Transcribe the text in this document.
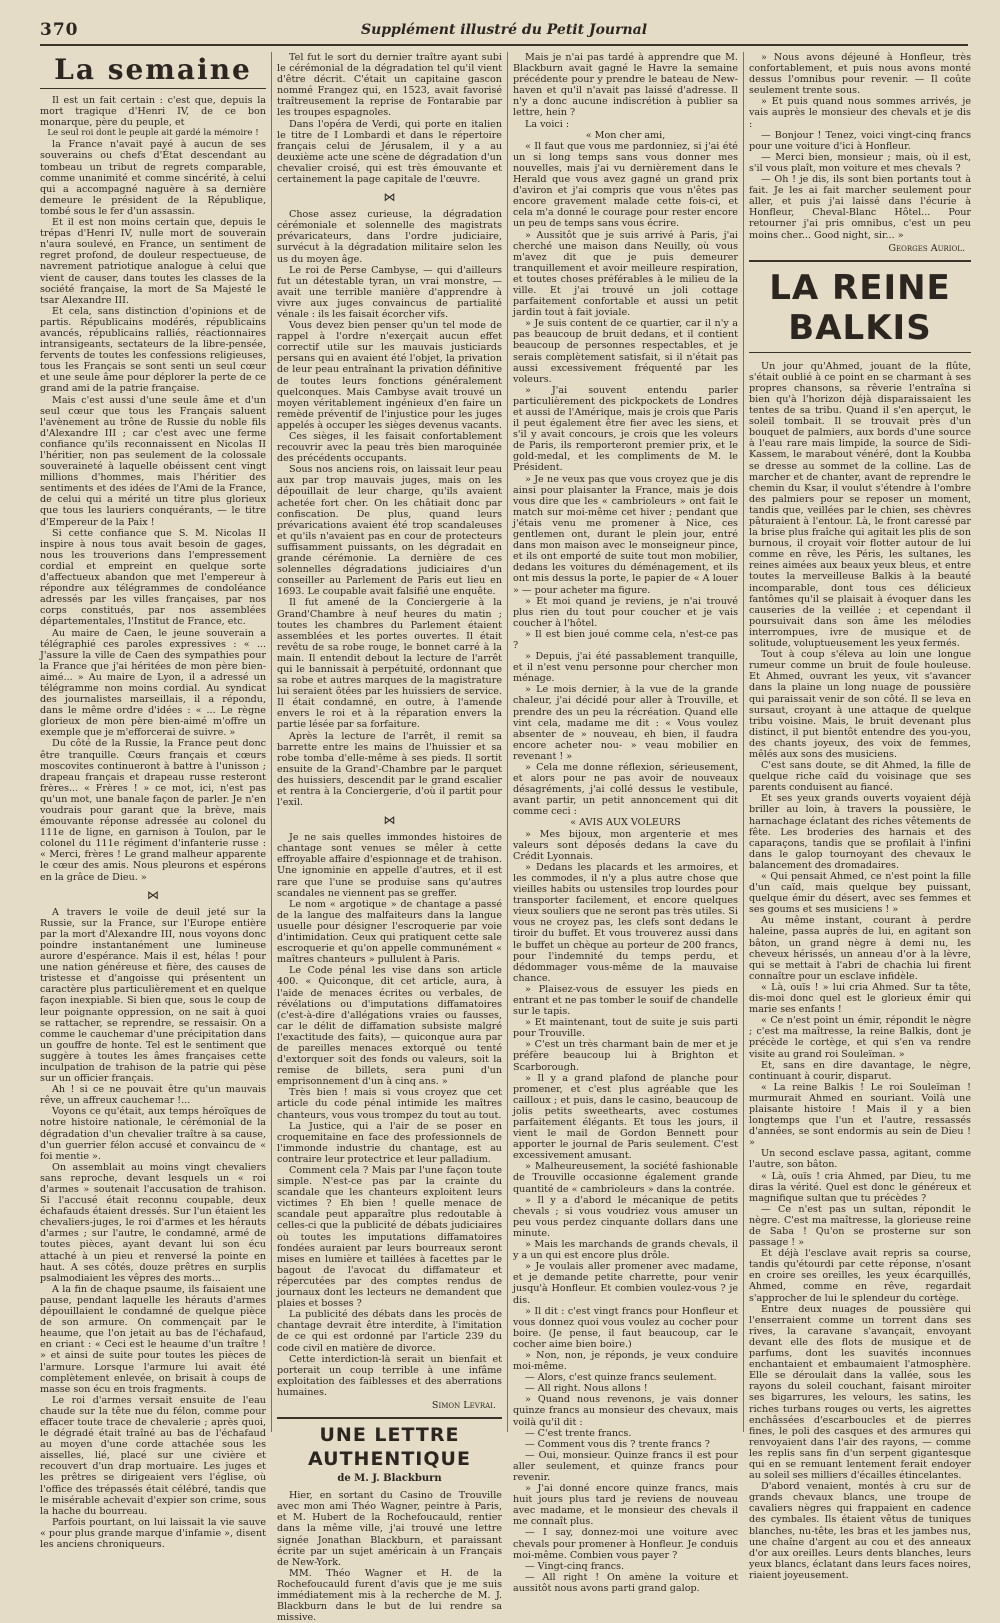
370	Supplément illustré du Petit Journal
La semaine

Il est un fait certain : c'est que, depuis la mort tragique d'Henri IV, de ce bon monarque, père du peuple, et

Le seul roi dont le peuple ait gardé la mémoire !

la France n'avait payé à aucun de ses souverains ou chefs d'État descendant au tombeau un tribut de regrets comparable, comme unanimité et comme sincérité, à celui qui a accompagné naguère à sa dernière demeure le président de la République, tombé sous le fer d'un assassin.

Et il est non moins certain que, depuis le trépas d'Henri IV, nulle mort de souverain n'aura soulevé, en France, un sentiment de regret profond, de douleur respectueuse, de navrement patriotique analogue à celui que vient de causer, dans toutes les classes de la société française, la mort de Sa Majesté le tsar Alexandre III.

Et cela, sans distinction d'opinions et de partis. Républicains modérés, républicains avancés, républicains ralliés, réactionnaires intransigeants, sectateurs de la libre-pensée, fervents de toutes les confessions religieuses, tous les Français se sont senti un seul cœur et une seule âme pour déplorer la perte de ce grand ami de la patrie française.

Mais c'est aussi d'une seule âme et d'un seul cœur que tous les Français saluent l'avènement au trône de Russie du noble fils d'Alexandre III ; car c'est avec une ferme confiance qu'ils reconnaissent en Nicolas II l'héritier, non pas seulement de la colossale souveraineté à laquelle obéissent cent vingt millions d'hommes, mais l'héritier des sentiments et des idées de l'Ami de la France, de celui qui a mérité un titre plus glorieux que tous les lauriers conquérants, — le titre d'Empereur de la Paix !

Si cette confiance que S. M. Nicolas II inspire à nous tous avait besoin de gages, nous les trouverions dans l'empressement cordial et empreint en quelque sorte d'affectueux abandon que met l'empereur à répondre aux télégrammes de condoléance adressés par les villes françaises, par nos corps constitués, par nos assemblées départementales, l'Institut de France, etc.

Au maire de Caen, le jeune souverain a télégraphié ces paroles expressives : « ... J'assure la ville de Caen des sympathies pour la France que j'ai héritées de mon père bien-aimé... » Au maire de Lyon, il a adressé un télégramme non moins cordial. Au syndicat des journalistes marseillais, il a répondu, dans le même ordre d'idées : « ... Le règne glorieux de mon père bien-aimé m'offre un exemple que je m'efforcerai de suivre. »

Du côté de la Russie, la France peut donc être tranquille. Cœurs français et cœurs moscovites continueront à battre à l'unisson ; drapeau français et drapeau russe resteront frères... « Frères ! » ce mot, ici, n'est pas qu'un mot, une banale façon de parler. Je n'en voudrais pour garant que la brève, mais émouvante réponse adressée au colonel du 111e de ligne, en garnison à Toulon, par le colonel du 111e régiment d'infanterie russe : « Merci, frères ! Le grand malheur apparente le cœur des amis. Nous pleurons et espérons en la grâce de Dieu. »

⋈

A travers le voile de deuil jeté sur la Russie, sur la France, sur l'Europe entière par la mort d'Alexandre III, nous voyons donc poindre instantanément une lumineuse aurore d'espérance. Mais il est, hélas ! pour une nation généreuse et fière, des causes de tristesse et d'angoisse qui présentent un caractère plus particulièrement et en quelque façon inexpiable. Si bien que, sous le coup de leur poignante oppression, on ne sait à quoi se rattacher, se reprendre, se ressaisir. On a comme le cauchemar d'une précipitation dans un gouffre de honte. Tel est le sentiment que suggère à toutes les âmes françaises cette inculpation de trahison de la patrie qui pèse sur un officier français.

Ah ! si ce ne pouvait être qu'un mauvais rêve, un affreux cauchemar !...

Voyons ce qu'était, aux temps héroïques de notre histoire nationale, le cérémonial de la dégradation d'un chevalier traître à sa cause, d'un guerrier félon accusé et convaincu de « foi mentie ».

On assemblait au moins vingt chevaliers sans reproche, devant lesquels un « roi d'armes » soutenait l'accusation de trahison. Si l'accusé était reconnu coupable, deux échafauds étaient dressés. Sur l'un étaient les chevaliers-juges, le roi d'armes et les hérauts d'armes ; sur l'autre, le condamné, armé de toutes pièces, ayant devant lui son écu attaché à un pieu et renversé la pointe en haut. A ses côtés, douze prêtres en surplis psalmodiaient les vêpres des morts...

A la fin de chaque psaume, ils faisaient une pause, pendant laquelle les hérauts d'armes dépouillaient le condamné de quelque pièce de son armure. On commençait par le heaume, que l'on jetait au bas de l'échafaud, en criant : « Ceci est le heaume d'un traître ! » et ainsi de suite pour toutes les pièces de l'armure. Lorsque l'armure lui avait été complètement enlevée, on brisait à coups de masse son écu en trois fragments.

Le roi d'armes versait ensuite de l'eau chaude sur la tête nue du félon, comme pour effacer toute trace de chevalerie ; après quoi, le dégradé était traîné au bas de l'échafaud au moyen d'une corde attachée sous les aisselles, lié, placé sur une civière et recouvert d'un drap mortuaire. Les juges et les prêtres se dirigeaient vers l'église, où l'office des trépassés était célébré, tandis que le misérable achevait d'expier son crime, sous la hache du bourreau.

Parfois pourtant, on lui laissait la vie sauve « pour plus grande marque d'infamie », disent les anciens chroniqueurs.

Tel fut le sort du dernier traître ayant subi le cérémonial de la dégradation tel qu'il vient d'être décrit. C'était un capitaine gascon nommé Frangez qui, en 1523, avait favorisé traîtreusement la reprise de Fontarabie par les troupes espagnoles.

Dans l'opéra de Verdi, qui porte en italien le titre de I Lombardi et dans le répertoire français celui de Jérusalem, il y a au deuxième acte une scène de dégradation d'un chevalier croisé, qui est très émouvante et certainement la page capitale de l'œuvre.

⋈

Chose assez curieuse, la dégradation cérémoniale et solennelle des magistrats prévaricateurs, dans l'ordre judiciaire, survécut à la dégradation militaire selon les us du moyen âge.

Le roi de Perse Cambyse, — qui d'ailleurs fut un détestable tyran, un vrai monstre, — avait une terrible manière d'apprendre à vivre aux juges convaincus de partialité vénale : ils les faisait écorcher vifs.

Vous devez bien penser qu'un tel mode de rappel à l'ordre n'exerçait aucun effet correctif utile sur les mauvais justiciards persans qui en avaient été l'objet, la privation de leur peau entraînant la privation définitive de toutes leurs fonctions généralement quelconques. Mais Cambyse avait trouvé un moyen véritablement ingénieux d'en faire un remède préventif de l'injustice pour les juges appelés à occuper les sièges devenus vacants.

Ces sièges, il les faisait confortablement recouvrir avec la peau très bien maroquinée des précédents occupants.

Sous nos anciens rois, on laissait leur peau aux par trop mauvais juges, mais on les dépouillait de leur charge, qu'ils avaient achetée fort cher. On les châtiait donc par confiscation. De plus, quand leurs prévarications avaient été trop scandaleuses et qu'ils n'avaient pas en cour de protecteurs suffisamment puissants, on les dégradait en grande cérémonie. La dernière de ces solennelles dégradations judiciaires d'un conseiller au Parlement de Paris eut lieu en 1693. Le coupable avait falsifié une enquête.

Il fut amené de la Conciergerie à la Grand'Chambre à neuf heures du matin ; toutes les chambres du Parlement étaient assemblées et les portes ouvertes. Il était revêtu de sa robe rouge, le bonnet carré à la main. Il entendit debout la lecture de l'arrêt qui le bannissait à perpétuité, ordonnant que sa robe et autres marques de la magistrature lui seraient ôtées par les huissiers de service. Il était condamné, en outre, à l'amende envers le roi et à la réparation envers la partie lésée par sa forfaiture.

Après la lecture de l'arrêt, il remit sa barrette entre les mains de l'huissier et sa robe tomba d'elle-même à ses pieds. Il sortit ensuite de la Grand'-Chambre par le parquet des huissiers, descendit par le grand escalier et rentra à la Conciergerie, d'où il partit pour l'exil.

⋈

Je ne sais quelles immondes histoires de chantage sont venues se mêler à cette effroyable affaire d'espionnage et de trahison. Une ignominie en appelle d'autres, et il est rare que l'une se produise sans qu'autres scandales ne viennent pas se greffer.

Le nom « argotique » de chantage a passé de la langue des malfaiteurs dans la langue usuelle pour désigner l'escroquerie par voie d'intimidation. Ceux qui pratiquent cette sale escroquerie et qu'on appelle communément « maîtres chanteurs » pullulent à Paris.

Le Code pénal les vise dans son article 400. « Quiconque, dit cet article, aura, à l'aide de menaces écrites ou verbales, de révélations ou d'imputations diffamatoires (c'est-à-dire d'allégations vraies ou fausses, car le délit de diffamation subsiste malgré l'exactitude des faits), — quiconque aura par de pareilles menaces extorqué ou tenté d'extorquer soit des fonds ou valeurs, soit la remise de billets, sera puni d'un emprisonnement d'un à cinq ans. »

Très bien ! mais si vous croyez que cet article du code pénal intimide les maîtres chanteurs, vous vous trompez du tout au tout.

La Justice, qui a l'air de se poser en croquemitaine en face des professionnels de l'immonde industrie du chantage, est au contraire leur protectrice et leur palladium.

Comment cela ? Mais par l'une façon toute simple. N'est-ce pas par la crainte du scandale que les chanteurs exploitent leurs victimes ? Eh bien ! quelle menace de scandale peut apparaître plus redoutable à celles-ci que la publicité de débats judiciaires où toutes les imputations diffamatoires fondées auraient par leurs bourreaux seront mises en lumière et taillées à facettes par le bagout de l'avocat du diffamateur et répercutées par des comptes rendus de journaux dont les lecteurs ne demandent que plaies et bosses ?

La publicité des débats dans les procès de chantage devrait être interdite, à l'imitation de ce qui est ordonné par l'article 239 du code civil en matière de divorce.

Cette interdiction-là serait un bienfait et porterait un coup terrible à une infâme exploitation des faiblesses et des aberrations humaines.

Simon Levrai.

UNE LETTRE AUTHENTIQUE
de M. J. Blackburn

Hier, en sortant du Casino de Trouville avec mon ami Théo Wagner, peintre à Paris, et M. Hubert de la Rochefoucauld, rentier dans la même ville, j'ai trouvé une lettre signée Jonathan Blackburn, et paraissant écrite par un sujet américain à un Français de New-York.

MM. Théo Wagner et H. de la Rochefoucauld furent d'avis que je me suis immédiatement mis à la recherche de M. J. Blackburn dans le but de lui rendre sa missive.

Mais je n'ai pas tardé à apprendre que M. Blackburn avait gagné le Havre la semaine précédente pour y prendre le bateau de New-haven et qu'il n'avait pas laissé d'adresse. Il n'y a donc aucune indiscrétion à publier sa lettre, hein ?

La voici :

« Mon cher ami,

« Il faut que vous me pardonniez, si j'ai été un si long temps sans vous donner mes nouvelles, mais j'ai vu dernièrement dans le Herald que vous avez gagné un grand prix d'aviron et j'ai compris que vous n'êtes pas encore gravement malade cette fois-ci, et cela m'a donné le courage pour rester encore un peu de temps sans vous écrire.

» Aussitôt que je suis arrivé à Paris, j'ai cherché une maison dans Neuilly, où vous m'avez dit que je puis demeurer tranquillement et avoir meilleure respiration, et toutes choses préférables à le milieu de la ville. Et j'ai trouvé un joli cottage parfaitement confortable et aussi un petit jardin tout à fait joviale.

» Je suis content de ce quartier, car il n'y a pas beaucoup de bruit dedans, et il contient beaucoup de personnes respectables, et je serais complètement satisfait, si il n'était pas aussi excessivement fréquenté par les voleurs.

» J'ai souvent entendu parler particulièrement des pickpockets de Londres et aussi de l'Amérique, mais je crois que Paris il peut également être fier avec les siens, et s'il y avait concours, je crois que les voleurs de Paris, ils remporteront premier prix, et le gold-medal, et les compliments de M. le Président.

» Je ne veux pas que vous croyez que je dis ainsi pour plaisanter la France, mais je dois vous dire que les « cambrioleurs » ont fait le match sur moi-même cet hiver ; pendant que j'étais venu me promener à Nice, ces gentlemen ont, durant le plein jour, entré dans mon maison avec le monseigneur pince, et ils ont emporté de suite tout mon mobilier, dedans les voitures du déménagement, et ils ont mis dessus la porte, le papier de « A louer » — pour acheter ma figure.

» Et moi quand je reviens, je n'ai trouvé plus rien du tout pour coucher et je vais coucher à l'hôtel.

» Il est bien joué comme cela, n'est-ce pas ?

» Depuis, j'ai été passablement tranquille, et il n'est venu personne pour chercher mon ménage.

» Le mois dernier, à la vue de la grande chaleur, j'ai décidé pour aller à Trouville, et prendre des un peu la récréation. Quand elle vint cela, madame me dit : « Vous voulez absenter de » nouveau, eh bien, il faudra encore acheter nou- » veau mobilier en revenant ! »

» Cela me donne réflexion, sérieusement, et alors pour ne pas avoir de nouveaux désagréments, j'ai collé dessus le vestibule, avant partir, un petit annoncement qui dit comme ceci :

« AVIS AUX VOLEURS

» Mes bijoux, mon argenterie et mes valeurs sont déposés dedans la cave du Crédit Lyonnais.

» Dedans les placards et les armoires, et les commodes, il n'y a plus autre chose que vieilles habits ou ustensiles trop lourdes pour transporter facilement, et encore quelques vieux souliers que ne seront pas très utiles. Si vous ne croyez pas, les clefs sont dedans le tiroir du buffet. Et vous trouverez aussi dans le buffet un chèque au porteur de 200 francs, pour l'indemnité du temps perdu, et dédommager vous-même de la mauvaise chance.

» Plaisez-vous de essuyer les pieds en entrant et ne pas tomber le souif de chandelle sur le tapis.

» Et maintenant, tout de suite je suis parti pour Trouville.

» C'est un très charmant bain de mer et je préfère beaucoup lui à Brighton et Scarborough.

» Il y a grand plafond de planche pour promener, et c'est plus agréable que les cailloux ; et puis, dans le casino, beaucoup de jolis petits sweethearts, avec costumes parfaitement élégants. Et tous les jours, il vient le mail de Gordon Bennett pour apporter le journal de Paris seulement. C'est excessivement amusant.

» Malheureusement, la société fashionable de Trouville occasionne également grande quantité de « cambrioleurs » dans la contrée.

» Il y a d'abord le mécanique de petits chevals ; si vous voudriez vous amuser un peu vous perdez cinquante dollars dans une minute.

» Mais les marchands de grands chevals, il y a un qui est encore plus drôle.

» Je voulais aller promener avec madame, et je demande petite charrette, pour venir jusqu'à Honfleur. Et combien voulez-vous ? je dis.

» Il dit : c'est vingt francs pour Honfleur et vous donnez quoi vous voulez au cocher pour boire. (Je pense, il faut beaucoup, car le cocher aime bien boire.)

» Non, non, je réponds, je veux conduire moi-même.

— Alors, c'est quinze francs seulement.

— All right. Nous allons !

» Quand nous revenons, je vais donner quinze francs au monsieur des chevaux, mais voilà qu'il dit :

— C'est trente francs.

— Comment vous dis ? trente francs ?

— Oui, monsieur. Quinze francs il est pour aller seulement, et quinze francs pour revenir.

» J'ai donné encore quinze francs, mais huit jours plus tard je reviens de nouveau avec madame, et le monsieur des chevals il me connaît plus.

— I say, donnez-moi une voiture avec chevals pour promener à Honfleur. Je conduis moi-même. Combien vous payer ?

— Vingt-cinq francs.

— All right ! On amène la voiture et aussitôt nous avons parti grand galop.

» Nous avons déjeuné à Honfleur, très confortablement, et puis nous avons monté dessus l'omnibus pour revenir. — Il coûte seulement trente sous.

» Et puis quand nous sommes arrivés, je vais auprès le monsieur des chevals et je dis :

— Bonjour ! Tenez, voici vingt-cinq francs pour une voiture d'ici à Honfleur.

— Merci bien, monsieur ; mais, où il est, s'il vous plaît, mon voiture et mes chevals ?

— Oh ! je dis, ils sont bien portants tout à fait. Je les ai fait marcher seulement pour aller, et puis j'ai laissé dans l'écurie à Honfleur, Cheval-Blanc Hôtel... Pour retourner j'ai pris omnibus, c'est un peu moins cher... Good night, sir... »

Georges Auriol.

LA REINE BALKIS

Un jour qu'Ahmed, jouant de la flûte, s'était oublié à ce point en se charmant à ses propres chansons, sa rêverie l'entraîna si bien qu'à l'horizon déjà disparaissaient les tentes de sa tribu. Quand il s'en aperçut, le soleil tombait. Il se trouvait près d'un bouquet de palmiers, aux bords d'une source à l'eau rare mais limpide, la source de Sidi-Kassem, le marabout vénéré, dont la Koubba se dresse au sommet de la colline. Las de marcher et de chanter, avant de reprendre le chemin du Ksar, il voulut s'étendre à l'ombre des palmiers pour se reposer un moment, tandis que, veillées par le chien, ses chèvres pâturaient à l'entour. Là, le front caressé par la brise plus fraîche qui agitait les plis de son burnous, il croyait voir flotter autour de lui comme en rêve, les Péris, les sultanes, les reines aimées aux beaux yeux bleus, et entre toutes la merveilleuse Balkis à la beauté incomparable, dont tous ces délicieux fantômes qu'il se plaisait à évoquer dans les causeries de la veillée ; et cependant il poursuivait dans son âme les mélodies interrompues, ivre de musique et de solitude, voluptueusement les yeux fermés.

Tout à coup s'éleva au loin une longue rumeur comme un bruit de foule houleuse. Et Ahmed, ouvrant les yeux, vit s'avancer dans la plaine un long nuage de poussière qui paraissait venir de son côté. Il se leva en sursaut, croyant à une attaque de quelque tribu voisine. Mais, le bruit devenant plus distinct, il put bientôt entendre des you-you, des chants joyeux, des voix de femmes, mêlés aux sons des musiciens.

C'est sans doute, se dit Ahmed, la fille de quelque riche caïd du voisinage que ses parents conduisent au fiancé.

Et ses yeux grands ouverts voyaient déjà briller au loin, à travers la poussière, le harnachage éclatant des riches vêtements de fête. Les broderies des harnais et des caparaçons, tandis que se profilait à l'infini dans le galop tournoyant des chevaux le balancement des dromadaires.

« Qui pensait Ahmed, ce n'est point la fille d'un caïd, mais quelque bey puissant, quelque émir du désert, avec ses femmes et ses goums et ses musiciens ! »

Au même instant, courant à perdre haleine, passa auprès de lui, en agitant son bâton, un grand nègre à demi nu, les cheveux hérissés, un anneau d'or à la lèvre, qui se mettait à l'abri de chachia lui firent connaître pour un esclave infidèle.

« Là, ouïs ! » lui cria Ahmed. Sur ta tête, dis-moi donc quel est le glorieux émir qui marie ses enfants !

« Ce n'est point un émir, répondit le nègre ; c'est ma maîtresse, la reine Balkis, dont je précède le cortège, et qui s'en va rendre visite au grand roi Souleïman. »

Et, sans en dire davantage, le nègre, continuant à courir, disparut.

« La reine Balkis ! Le roi Souleïman ! murmurait Ahmed en souriant. Voilà une plaisante histoire ! Mais il y a bien longtemps que l'un et l'autre, ressassés d'années, se sont endormis au sein de Dieu ! »

Un second esclave passa, agitant, comme l'autre, son bâton.

« Là, ouïs ! cria Ahmed, par Dieu, tu me diras la vérité. Quel est donc le généreux et magnifique sultan que tu précèdes ?

— Ce n'est pas un sultan, répondit le nègre. C'est ma maîtresse, la glorieuse reine de Saba ! Qu'on se prosterne sur son passage ! »

Et déjà l'esclave avait repris sa course, tandis qu'étourdi par cette réponse, n'osant en croire ses oreilles, les yeux écarquillés, Ahmed, comme en rêve, regardait s'approcher de lui le splendeur du cortège.

Entre deux nuages de poussière qui l'enserraient comme un torrent dans ses rives, la caravane s'avançait, envoyant devant elle des flots de musique et de parfums, dont les suavités inconnues enchantaient et embaumaient l'atmosphère. Elle se déroulait dans la vallée, sous les rayons du soleil couchant, faisant miroiter ses bigarrures, les velours, les satins, les riches turbans rouges ou verts, les aigrettes enchâssées d'escarboucles et de pierres fines, le poli des casques et des armures qui renvoyaient dans l'air des rayons, — comme les replis sans fin d'un serpent gigantesque qui en se remuant lentement ferait endoyer au soleil ses milliers d'écailles étincelantes.

D'abord venaient, montés à cru sur de grands chevaux blancs, une troupe de cavaliers nègres qui frappaient en cadence des cymbales. Ils étaient vêtus de tuniques blanches, nu-tête, les bras et les jambes nus, une chaîne d'argent au cou et des anneaux d'or aux oreilles. Leurs dents blanches, leurs yeux blancs, éclatant dans leurs faces noires, riaient joyeusement.
